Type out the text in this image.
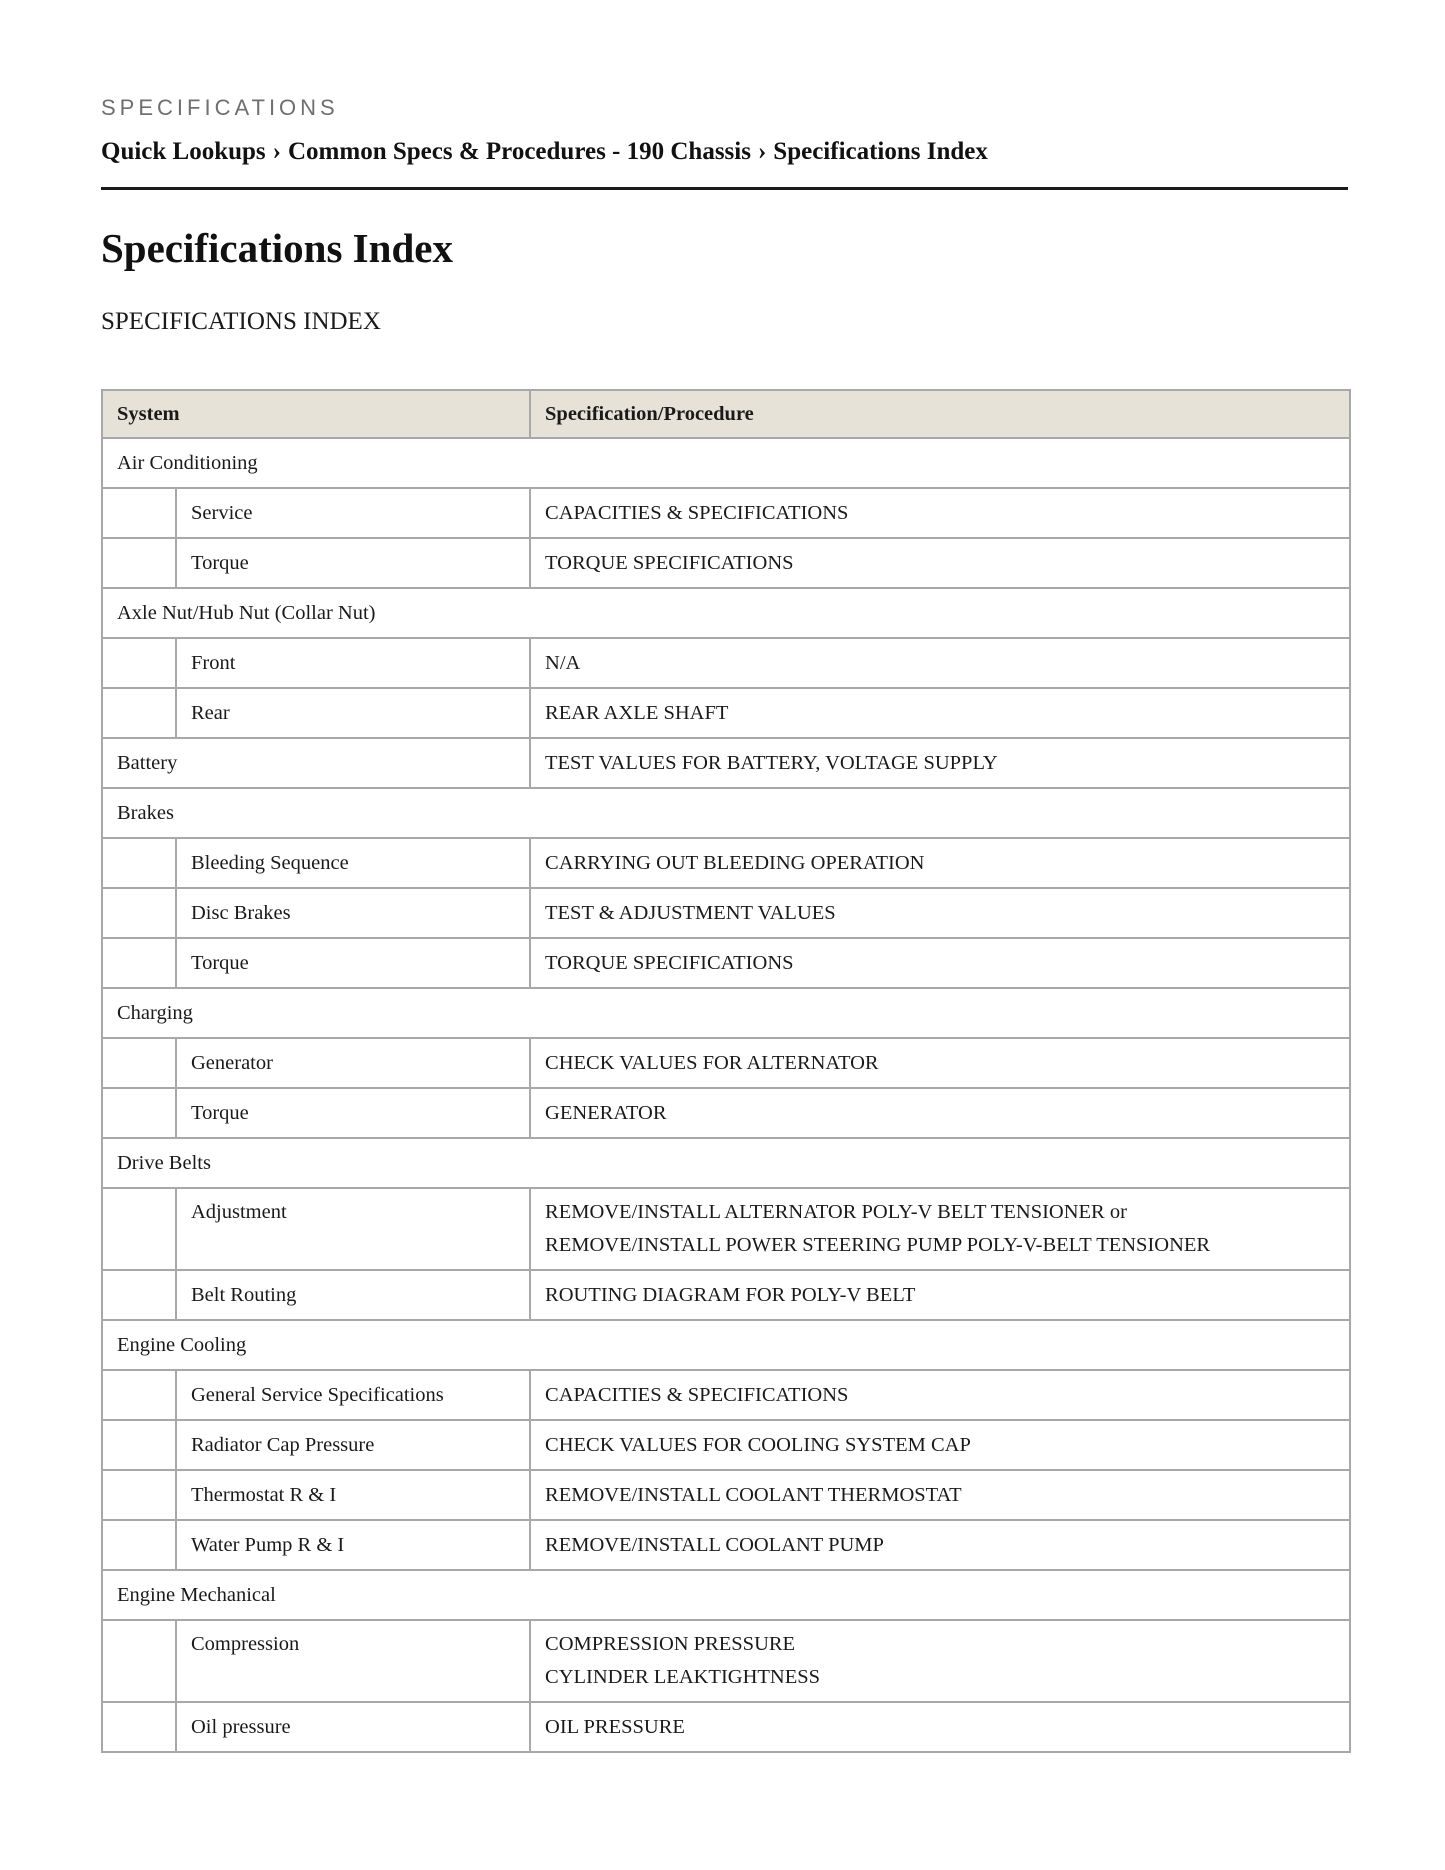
SPECIFICATIONS
Quick Lookups › Common Specs & Procedures - 190 Chassis › Specifications Index
Specifications Index
SPECIFICATIONS INDEX
System		Specification/Procedure
Air Conditioning		
	Service	CAPACITIES & SPECIFICATIONS

	Torque	TORQUE SPECIFICATIONS

Axle Nut/Hub Nut (Collar Nut)		
	Front	N/A

	Rear	REAR AXLE SHAFT

Battery		TEST VALUES FOR BATTERY, VOLTAGE SUPPLY

Brakes		
	Bleeding Sequence	CARRYING OUT BLEEDING OPERATION

	Disc Brakes	TEST & ADJUSTMENT VALUES

	Torque	TORQUE SPECIFICATIONS

Charging		
	Generator	CHECK VALUES FOR ALTERNATOR

	Torque	GENERATOR

Drive Belts		
	Adjustment	REMOVE/INSTALL ALTERNATOR POLY-V BELT TENSIONER or
REMOVE/INSTALL POWER STEERING PUMP POLY-V-BELT TENSIONER

	Belt Routing	ROUTING DIAGRAM FOR POLY-V BELT

Engine Cooling		
	General Service Specifications	CAPACITIES & SPECIFICATIONS

	Radiator Cap Pressure	CHECK VALUES FOR COOLING SYSTEM CAP

	Thermostat R & I	REMOVE/INSTALL COOLANT THERMOSTAT

	Water Pump R & I	REMOVE/INSTALL COOLANT PUMP

Engine Mechanical		
	Compression	COMPRESSION PRESSURE
CYLINDER LEAKTIGHTNESS

	Oil pressure	OIL PRESSURE
